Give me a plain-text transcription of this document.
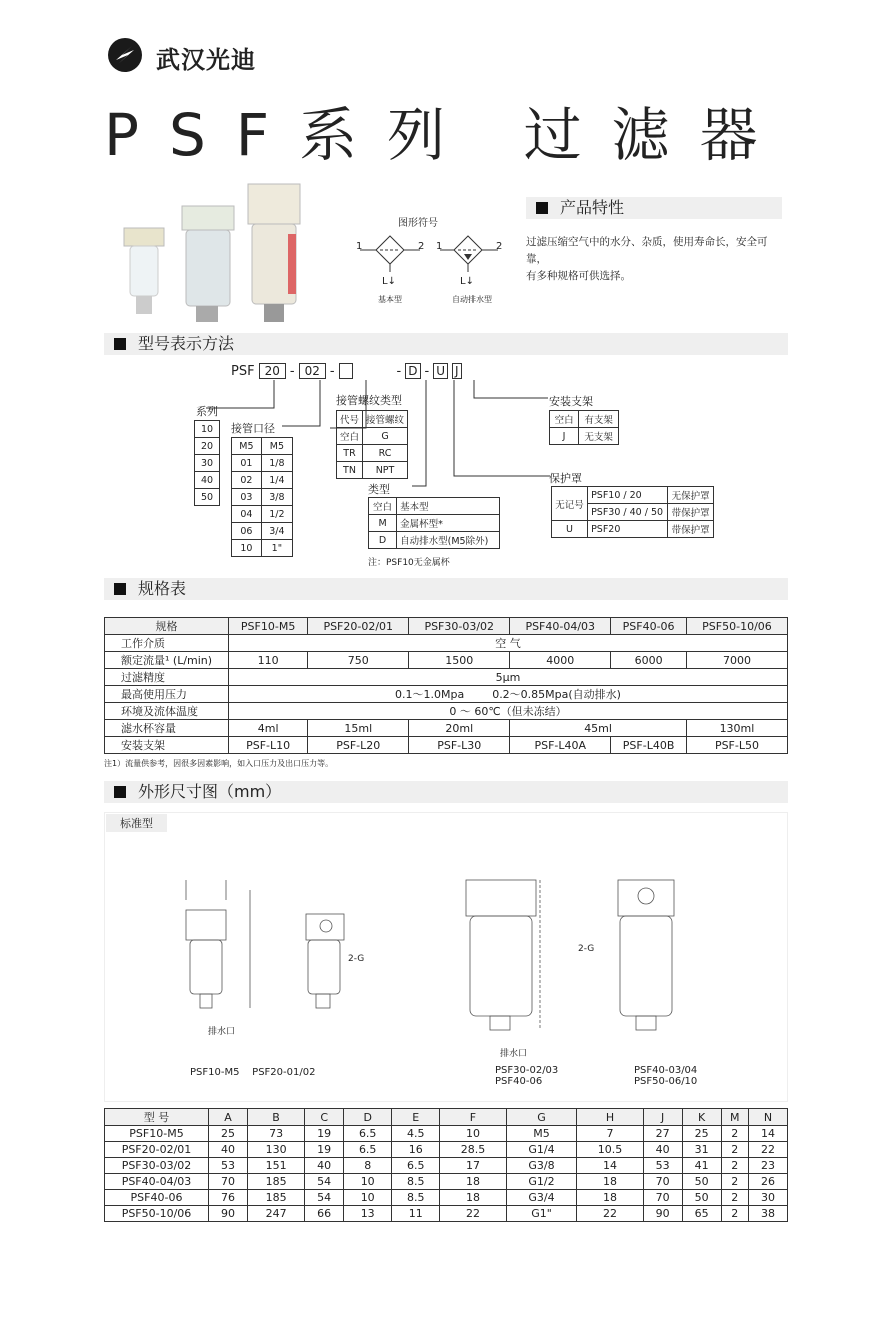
武汉光迪
PSF系列 过滤器
图形符号
1	2 1	2
L↓	L↓
基本型	自动排水型
产品特性
过滤压缩空气中的水分、杂质，使用寿命长，安全可靠，
有多种规格可供选择。
型号表示方法
PSF 20 - 02 -	- D - U J
系列
10
20
30
40
50
接管口径
M5	M5
01	1/8
02	1/4
03	3/8
04	1/2
06	3/4
10	1"
接管螺纹类型
代号	接管螺纹
空白	G
TR	RC
TN	NPT
类型
空白	基本型
M	金属杯型*
D	自动排水型(M5除外)
注：PSF10无金属杯
安装支架
空白	有支架
J	无支架
保护罩
无记号	PSF10 / 20	无保护罩
	PSF30 / 40 / 50	带保护罩
U	PSF20	带保护罩
规格表
规格	PSF10-M5	PSF20-02/01	PSF30-03/02	PSF40-04/03	PSF40-06	PSF50-10/06
工作介质	空 气					
额定流量¹ (L/min)	110	750	1500	4000	6000	7000
过滤精度	5μm					
最高使用压力	0.1～1.0Mpa        0.2～0.85Mpa(自动排水)					
环境及流体温度	0 ～ 60℃（但未冻结）					
滤水杯容量	4ml	15ml	20ml	45ml		130ml
安装支架	PSF-L10	PSF-L20	PSF-L30	PSF-L40A	PSF-L40B	PSF-L50
注1）流量供参考，因很多因素影响，如入口压力及出口压力等。
外形尺寸图（mm）
标准型
排水口
排水口
2-G
2-G
PSF10-M5    PSF20-01/02	PSF30-02/03
PSF40-06
PSF40-03/04
PSF50-06/10
型 号	A	B	C	D	E	F	G	H	J	K	M	N
PSF10-M5	25	73	19	6.5	4.5	10	M5	7	27	25	2	14
PSF20-02/01	40	130	19	6.5	16	28.5	G1/4	10.5	40	31	2	22
PSF30-03/02	53	151	40	8	6.5	17	G3/8	14	53	41	2	23
PSF40-04/03	70	185	54	10	8.5	18	G1/2	18	70	50	2	26
PSF40-06	76	185	54	10	8.5	18	G3/4	18	70	50	2	30
PSF50-10/06	90	247	66	13	11	22	G1"	22	90	65	2	38
